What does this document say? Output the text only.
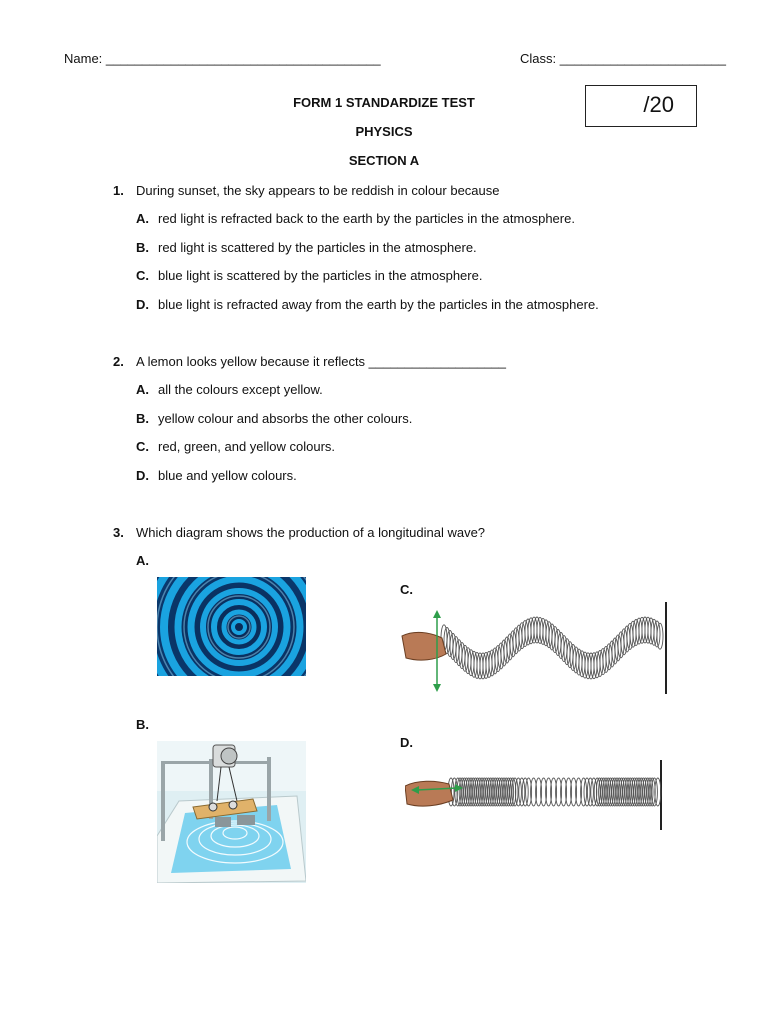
Name: ______________________________________	Class: _______________________
/20
FORM 1 STANDARDIZE TEST
PHYSICS
SECTION A
1. During sunset, the sky appears to be reddish in colour because
A. red light is refracted back to the earth by the particles in the atmosphere.
B. red light is scattered by the particles in the atmosphere.
C. blue light is scattered by the particles in the atmosphere.
D. blue light is refracted away from the earth by the particles in the atmosphere.
2. A lemon looks yellow because it reflects ___________________
A. all the colours except yellow.
B. yellow colour and absorbs the other colours.
C. red, green, and yellow colours.
D. blue and yellow colours.
3. Which diagram shows the production of a longitudinal wave?
A.
C.
B.
D.
